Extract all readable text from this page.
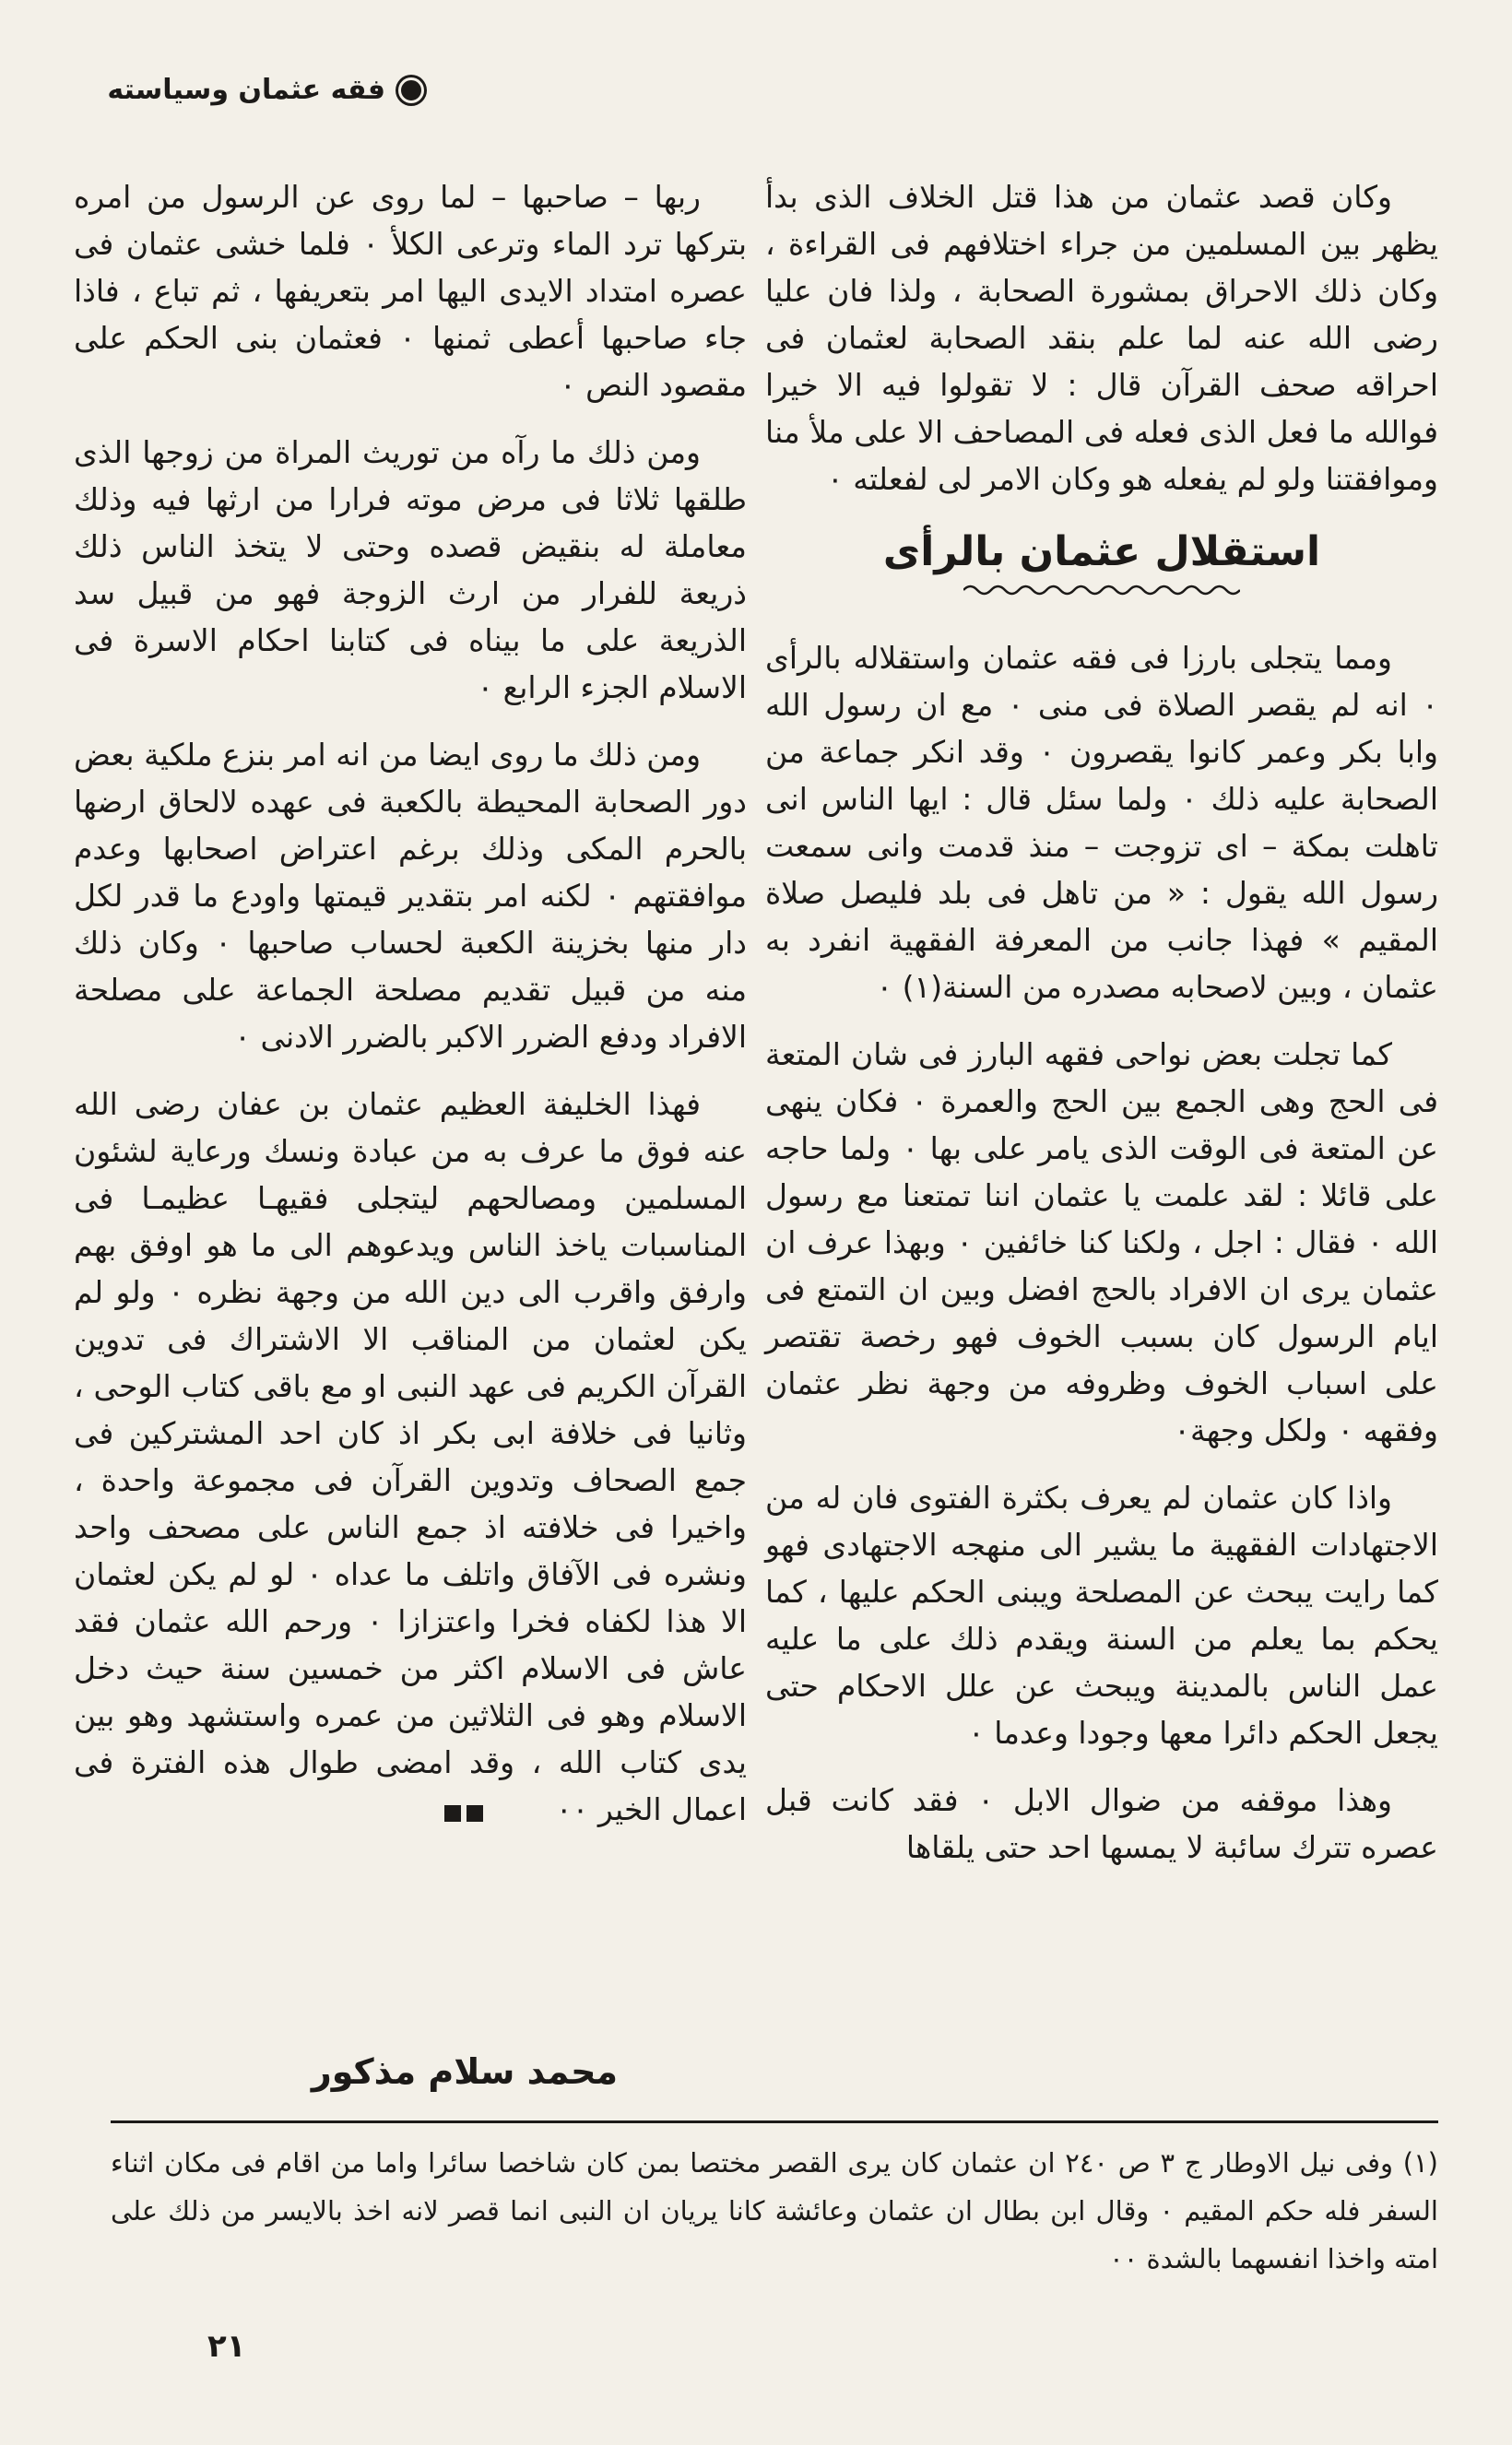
فقه عثمان وسياسته

وكان قصد عثمان من هذا قتل الخلاف الذى بدأ يظهر بين المسلمين من جراء اختلافهم فى القراءة ، وكان ذلك الاحراق بمشورة الصحابة ، ولذا فان عليا رضى الله عنه لما علم بنقد الصحابة لعثمان فى احراقه صحف القرآن قال : لا تقولوا فيه الا خيرا فوالله ما فعل الذى فعله فى المصاحف الا على ملأ منا وموافقتنا ولو لم يفعله هو وكان الامر لى لفعلته ٠

استقلال عثمان بالرأى

ومما يتجلى بارزا فى فقه عثمان واستقلاله بالرأى ٠ انه لم يقصر الصلاة فى منى ٠ مع ان رسول الله وابا بكر وعمر كانوا يقصرون ٠ وقد انكر جماعة من الصحابة عليه ذلك ٠ ولما سئل قال : ايها الناس انى تاهلت بمكة – اى تزوجت – منذ قدمت وانى سمعت رسول الله يقول : « من تاهل فى بلد فليصل صلاة المقيم » فهذا جانب من المعرفة الفقهية انفرد به عثمان ، وبين لاصحابه مصدره من السنة(١) ٠

كما تجلت بعض نواحى فقهه البارز فى شان المتعة فى الحج وهى الجمع بين الحج والعمرة ٠ فكان ينهى عن المتعة فى الوقت الذى يامر على بها ٠ ولما حاجه على قائلا : لقد علمت يا عثمان اننا تمتعنا مع رسول الله ٠ فقال : اجل ، ولكنا كنا خائفين ٠ وبهذا عرف ان عثمان يرى ان الافراد بالحج افضل وبين ان التمتع فى ايام الرسول كان بسبب الخوف فهو رخصة تقتصر على اسباب الخوف وظروفه من وجهة نظر عثمان وفقهه ٠ ولكل وجهة٠

واذا كان عثمان لم يعرف بكثرة الفتوى فان له من الاجتهادات الفقهية ما يشير الى منهجه الاجتهادى فهو كما رايت يبحث عن المصلحة ويبنى الحكم عليها ، كما يحكم بما يعلم من السنة ويقدم ذلك على ما عليه عمل الناس بالمدينة ويبحث عن علل الاحكام حتى يجعل الحكم دائرا معها وجودا وعدما ٠

وهذا موقفه من ضوال الابل ٠ فقد كانت قبل عصره تترك سائبة لا يمسها احد حتى يلقاها

ربها – صاحبها – لما روى عن الرسول من امره بتركها ترد الماء وترعى الكلأ ٠ فلما خشى عثمان فى عصره امتداد الايدى اليها امر بتعريفها ، ثم تباع ، فاذا جاء صاحبها أعطى ثمنها ٠ فعثمان بنى الحكم على مقصود النص ٠

ومن ذلك ما رآه من توريث المراة من زوجها الذى طلقها ثلاثا فى مرض موته فرارا من ارثها فيه وذلك معاملة له بنقيض قصده وحتى لا يتخذ الناس ذلك ذريعة للفرار من ارث الزوجة فهو من قبيل سد الذريعة على ما بيناه فى كتابنا احكام الاسرة فى الاسلام الجزء الرابع ٠

ومن ذلك ما روى ايضا من انه امر بنزع ملكية بعض دور الصحابة المحيطة بالكعبة فى عهده لالحاق ارضها بالحرم المكى وذلك برغم اعتراض اصحابها وعدم موافقتهم ٠ لكنه امر بتقدير قيمتها واودع ما قدر لكل دار منها بخزينة الكعبة لحساب صاحبها ٠ وكان ذلك منه من قبيل تقديم مصلحة الجماعة على مصلحة الافراد ودفع الضرر الاكبر بالضرر الادنى ٠

فهذا الخليفة العظيم عثمان بن عفان رضى الله عنه فوق ما عرف به من عبادة ونسك ورعاية لشئون المسلمين ومصالحهم ليتجلى فقيهـا عظيمـا فى المناسبات ياخذ الناس ويدعوهم الى ما هو اوفق بهم وارفق واقرب الى دين الله من وجهة نظره ٠ ولو لم يكن لعثمان من المناقب الا الاشتراك فى تدوين القرآن الكريم فى عهد النبى او مع باقى كتاب الوحى ، وثانيا فى خلافة ابى بكر اذ كان احد المشتركين فى جمع الصحاف وتدوين القرآن فى مجموعة واحدة ، واخيرا فى خلافته اذ جمع الناس على مصحف واحد ونشره فى الآفاق واتلف ما عداه ٠ لو لم يكن لعثمان الا هذا لكفاه فخرا واعتزازا ٠ ورحم الله عثمان فقد عاش فى الاسلام اكثر من خمسين سنة حيث دخل الاسلام وهو فى الثلاثين من عمره واستشهد وهو بين يدى كتاب الله ، وقد امضى طوال هذه الفترة فى اعمال الخير ٠٠

محمد سلام مذكور
(١) وفى نيل الاوطار ج ٣ ص ٢٤٠ ان عثمان كان يرى القصر مختصا بمن كان شاخصا سائرا واما من اقام فى مكان اثناء السفر فله حكم المقيم ٠ وقال ابن بطال ان عثمان وعائشة كانا يريان ان النبى انما قصر لانه اخذ بالايسر من ذلك على امته واخذا انفسهما بالشدة ٠٠
٢١
